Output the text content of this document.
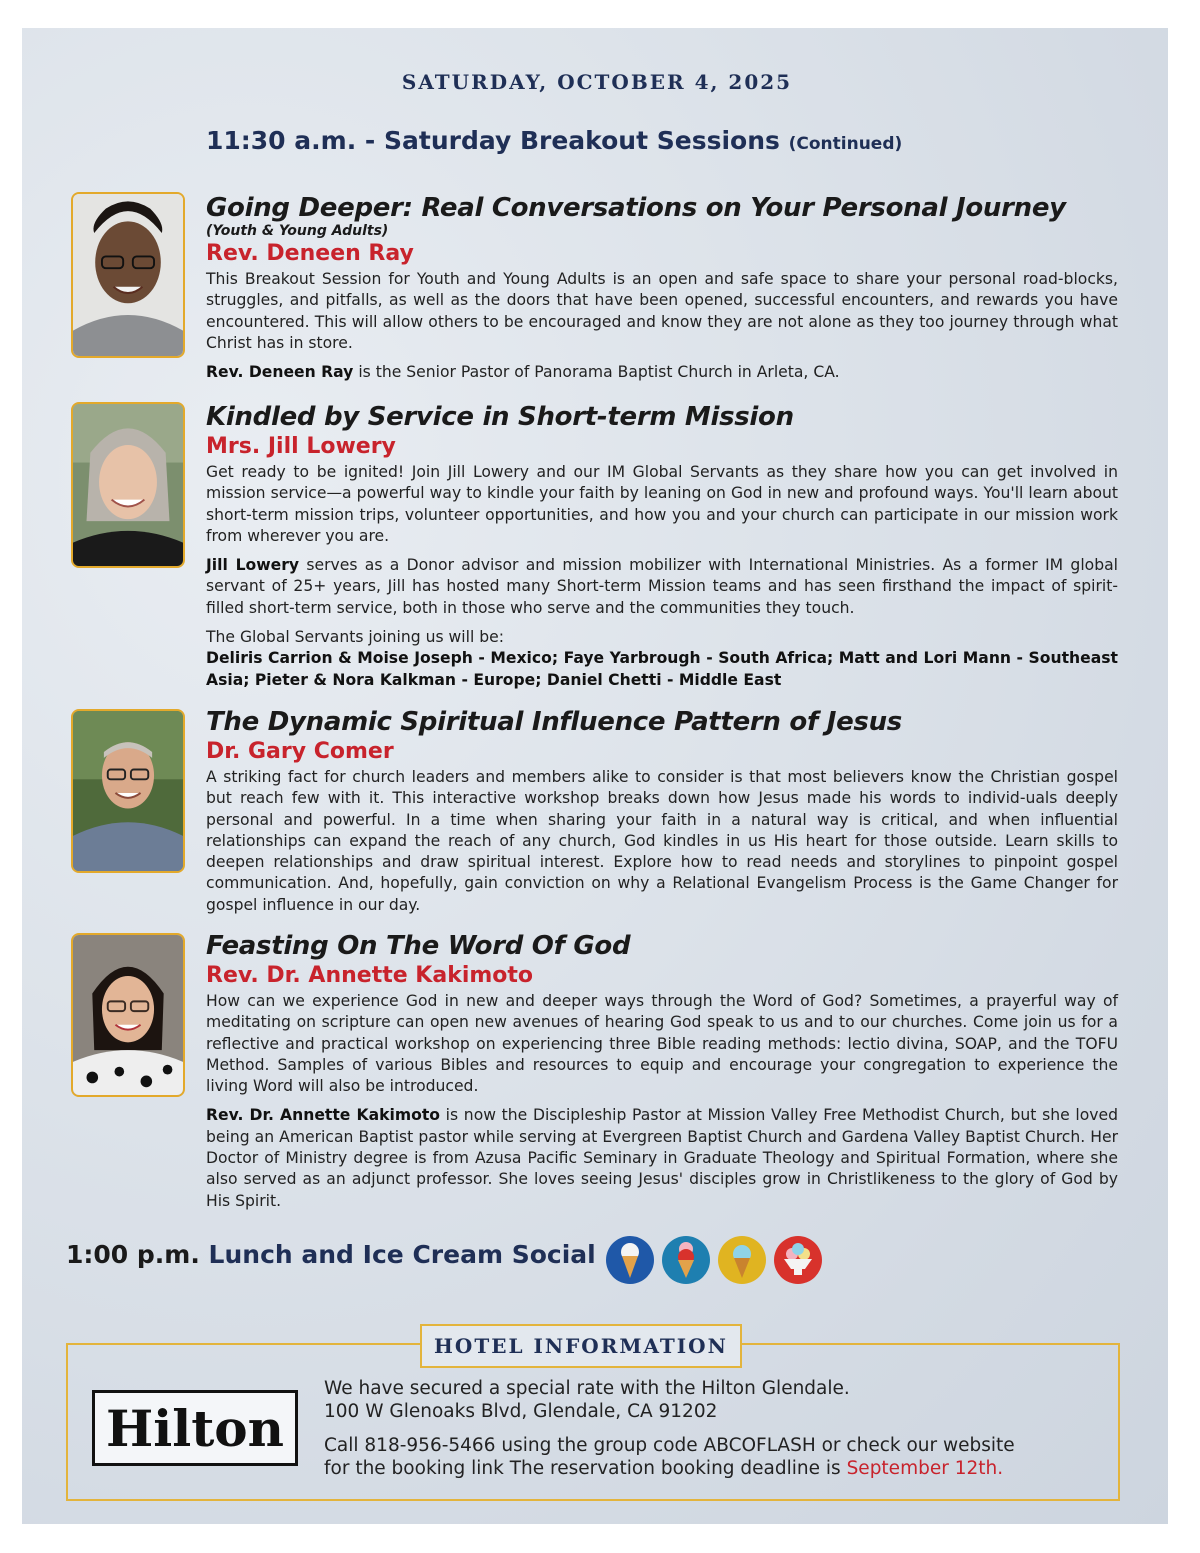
SATURDAY, OCTOBER 4, 2025
11:30 a.m. - Saturday Breakout Sessions (Continued)
Going Deeper: Real Conversations on Your Personal Journey
(Youth & Young Adults)
Rev. Deneen Ray

This Breakout Session for Youth and Young Adults is an open and safe space to share your personal road-blocks, struggles, and pitfalls, as well as the doors that have been opened, successful encounters, and rewards you have encountered. This will allow others to be encouraged and know they are not alone as they too journey through what Christ has in store.

Rev. Deneen Ray is the Senior Pastor of Panorama Baptist Church in Arleta, CA.

Kindled by Service in Short-term Mission
Mrs. Jill Lowery

Get ready to be ignited! Join Jill Lowery and our IM Global Servants as they share how you can get involved in mission service—a powerful way to kindle your faith by leaning on God in new and profound ways. You'll learn about short-term mission trips, volunteer opportunities, and how you and your church can participate in our mission work from wherever you are.

Jill Lowery serves as a Donor advisor and mission mobilizer with International Ministries. As a former IM global servant of 25+ years, Jill has hosted many Short-term Mission teams and has seen firsthand the impact of spirit-filled short-term service, both in those who serve and the communities they touch.

The Global Servants joining us will be:

Deliris Carrion & Moise Joseph - Mexico; Faye Yarbrough - South Africa; Matt and Lori Mann - Southeast Asia; Pieter & Nora Kalkman - Europe; Daniel Chetti - Middle East

The Dynamic Spiritual Influence Pattern of Jesus
Dr. Gary Comer

A striking fact for church leaders and members alike to consider is that most believers know the Christian gospel but reach few with it. This interactive workshop breaks down how Jesus made his words to individ-uals deeply personal and powerful. In a time when sharing your faith in a natural way is critical, and when influential relationships can expand the reach of any church, God kindles in us His heart for those outside. Learn skills to deepen relationships and draw spiritual interest. Explore how to read needs and storylines to pinpoint gospel communication. And, hopefully, gain conviction on why a Relational Evangelism Process is the Game Changer for gospel influence in our day.

Feasting On The Word Of God
Rev. Dr. Annette Kakimoto

How can we experience God in new and deeper ways through the Word of God? Sometimes, a prayerful way of meditating on scripture can open new avenues of hearing God speak to us and to our churches. Come join us for a reflective and practical workshop on experiencing three Bible reading methods: lectio divina, SOAP, and the TOFU Method. Samples of various Bibles and resources to equip and encourage your congregation to experience the living Word will also be introduced.

Rev. Dr. Annette Kakimoto is now the Discipleship Pastor at Mission Valley Free Methodist Church, but she loved being an American Baptist pastor while serving at Evergreen Baptist Church and Gardena Valley Baptist Church. Her Doctor of Ministry degree is from Azusa Pacific Seminary in Graduate Theology and Spiritual Formation, where she also served as an adjunct professor. She loves seeing Jesus' disciples grow in Christlikeness to the glory of God by His Spirit.

1:00 p.m. Lunch and Ice Cream Social
HOTEL INFORMATION
Hilton
We have secured a special rate with the Hilton Glendale.
100 W Glenoaks Blvd, Glendale, CA 91202
Call 818-956-5466 using the group code ABCOFLASH or check our website
for the booking link The reservation booking deadline is September 12th.
